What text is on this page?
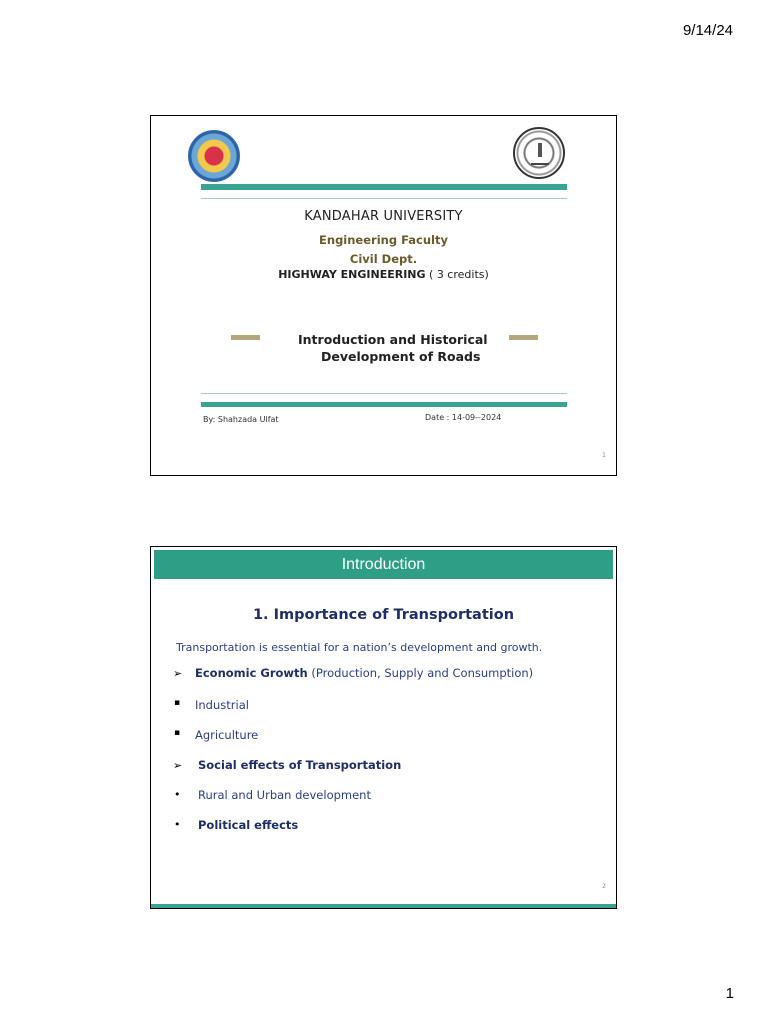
9/14/24
KANDAHAR UNIVERSITY
Engineering Faculty
Civil Dept.
HIGHWAY ENGINEERING ( 3 credits)
Introduction and Historical
Development of Roads
By: Shahzada Ulfat	Date : 14-09--2024
1
Introduction
1. Importance of Transportation
Transportation is essential for a nation’s development and growth.
➢ Economic Growth (Production, Supply and Consumption)
▪ Industrial
▪ Agriculture
➢ Social effects of Transportation
• Rural and Urban development
• Political effects
2
1
